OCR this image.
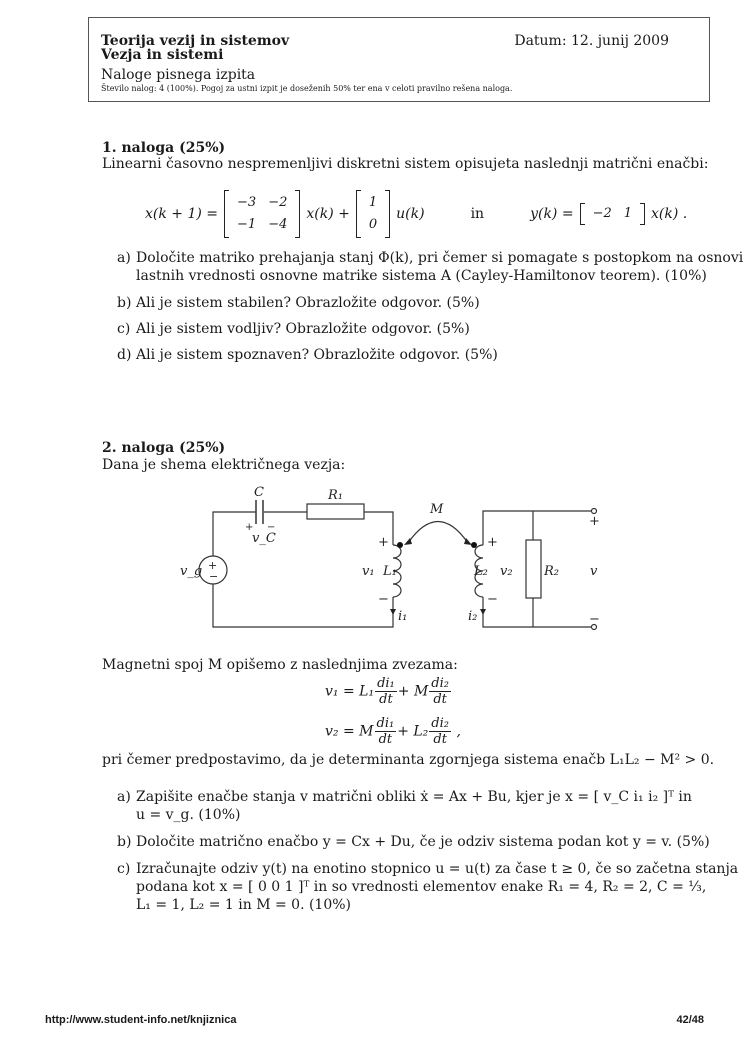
Teorija vezij in sistemov
Vezja in sistemi
Datum: 12. junij 2009
Naloge pisnega izpita
Število nalog: 4 (100%). Pogoj za ustni izpit je doseženih 50% ter ena v celoti pravilno rešena naloga.
1. naloga (25%)
Linearni časovno nespremenljivi diskretni sistem opisujeta naslednji matrični enačbi:
x(k + 1) =
−3	−2
−1	−4
x(k) +
1
0
u(k)	in	y(k) = −2	1 x(k) .
a) Določite matriko prehajanja stanj Φ(k), pri čemer si pomagate s postopkom na osnovi
lastnih vrednosti osnovne matrike sistema A (Cayley-Hamiltonov teorem). (10%)
b) Ali je sistem stabilen? Obrazložite odgovor. (5%)
c) Ali je sistem vodljiv? Obrazložite odgovor. (5%)
d) Ali je sistem spoznaven? Obrazložite odgovor. (5%)
2. naloga (25%)
Dana je shema električnega vezja:
C	R₁
M
+ −
v_C
v_g +
−
+
−
v₁ L₁
i₁
+
−
L₂ v₂
i₂
R₂ v
+
−
Magnetni spoj M opišemo z naslednjima zvezama:
$v_1 = L_1 \frac{\text{di₁}}{dt} + M \frac{\text{di₂}}{dt}$
v₂ = M $\frac{\text{di₁}}{dt} + L_2 \frac{\text{di₂}}{dt}$ ,
pri čemer predpostavimo, da je determinanta zgornjega sistema enačb L₁L₂ − M² > 0.
a) Zapišite enačbe stanja v matrični obliki ẋ = Ax + Bu, kjer je x = [ v_C i₁ i₂ ]ᵀ in
u = v_g. (10%)
b) Določite matrično enačbo y = Cx + Du, če je odziv sistema podan kot y = v. (5%)
c) Izračunajte odziv y(t) na enotino stopnico u = u(t) za čase t ≥ 0, če so začetna stanja
podana kot x = [ 0 0 1 ]ᵀ in so vrednosti elementov enake R₁ = 4, R₂ = 2, C = ⅓,
L₁ = 1, L₂ = 1 in M = 0. (10%)
http://www.student-info.net/knjiznica	42/48
